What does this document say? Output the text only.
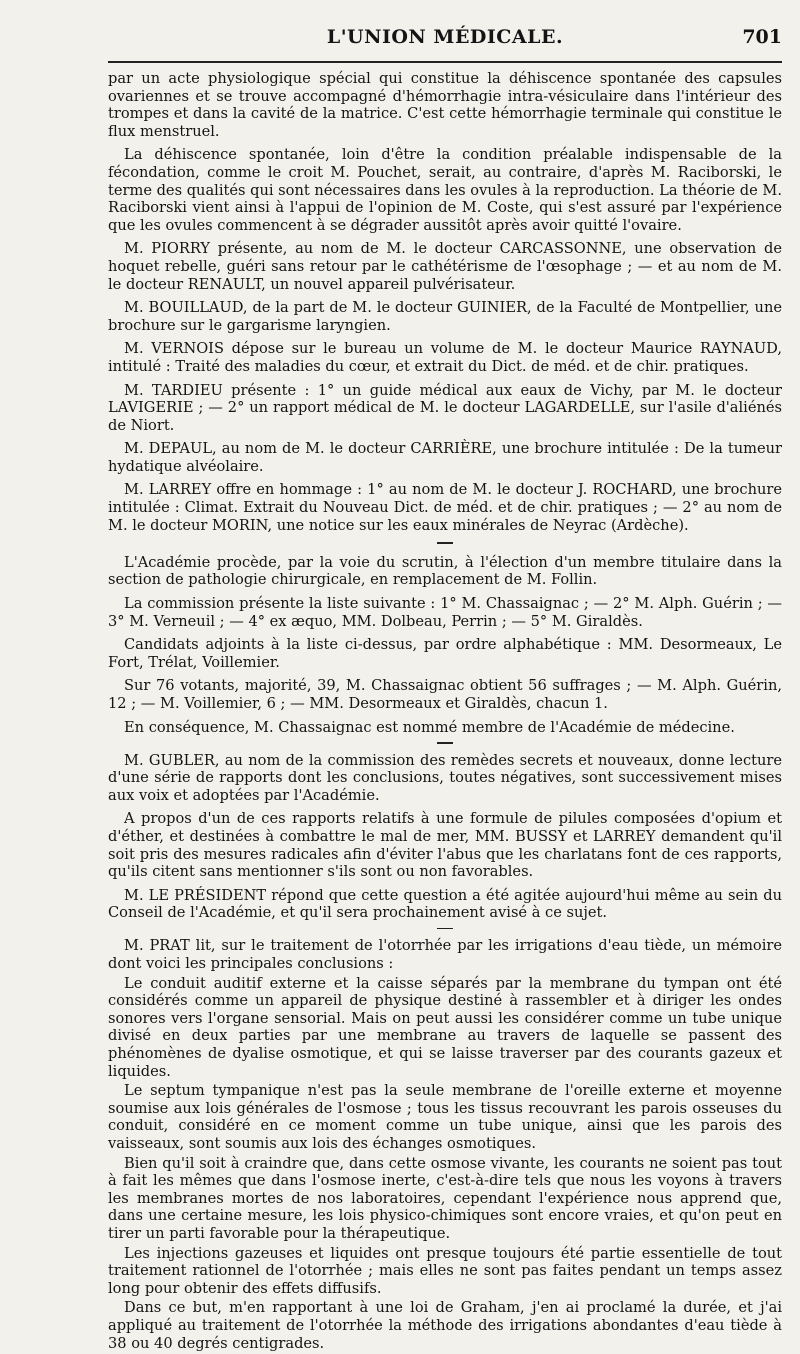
L'UNION MÉDICALE.	701

par un acte physiologique spécial qui constitue la déhiscence spontanée des capsules ovariennes et se trouve accompagné d'hémorrhagie intra-vésiculaire dans l'intérieur des trompes et dans la cavité de la matrice. C'est cette hémorrhagie terminale qui constitue le flux menstruel.

La déhiscence spontanée, loin d'être la condition préalable indispensable de la fécondation, comme le croit M. Pouchet, serait, au contraire, d'après M. Raciborski, le terme des qualités qui sont nécessaires dans les ovules à la reproduction. La théorie de M. Raciborski vient ainsi à l'appui de l'opinion de M. Coste, qui s'est assuré par l'expérience que les ovules commencent à se dégrader aussitôt après avoir quitté l'ovaire.

M. PIORRY présente, au nom de M. le docteur CARCASSONNE, une observation de hoquet rebelle, guéri sans retour par le cathétérisme de l'œsophage ; — et au nom de M. le docteur RENAULT, un nouvel appareil pulvérisateur.

M. BOUILLAUD, de la part de M. le docteur GUINIER, de la Faculté de Montpellier, une brochure sur le gargarisme laryngien.

M. VERNOIS dépose sur le bureau un volume de M. le docteur Maurice RAYNAUD, intitulé : Traité des maladies du cœur, et extrait du Dict. de méd. et de chir. pratiques.

M. TARDIEU présente : 1° un guide médical aux eaux de Vichy, par M. le docteur LAVIGERIE ; — 2° un rapport médical de M. le docteur LAGARDELLE, sur l'asile d'aliénés de Niort.

M. DEPAUL, au nom de M. le docteur CARRIÈRE, une brochure intitulée : De la tumeur hydatique alvéolaire.

M. LARREY offre en hommage : 1° au nom de M. le docteur J. ROCHARD, une brochure intitulée : Climat. Extrait du Nouveau Dict. de méd. et de chir. pratiques ; — 2° au nom de M. le docteur MORIN, une notice sur les eaux minérales de Neyrac (Ardèche).

L'Académie procède, par la voie du scrutin, à l'élection d'un membre titulaire dans la section de pathologie chirurgicale, en remplacement de M. Follin.

La commission présente la liste suivante : 1° M. Chassaignac ; — 2° M. Alph. Guérin ; — 3° M. Verneuil ; — 4° ex æquo, MM. Dolbeau, Perrin ; — 5° M. Giraldès.

Candidats adjoints à la liste ci-dessus, par ordre alphabétique : MM. Desormeaux, Le Fort, Trélat, Voillemier.

Sur 76 votants, majorité, 39, M. Chassaignac obtient 56 suffrages ; — M. Alph. Guérin, 12 ; — M. Voillemier, 6 ; — MM. Desormeaux et Giraldès, chacun 1.

En conséquence, M. Chassaignac est nommé membre de l'Académie de médecine.

M. GUBLER, au nom de la commission des remèdes secrets et nouveaux, donne lecture d'une série de rapports dont les conclusions, toutes négatives, sont successivement mises aux voix et adoptées par l'Académie.

A propos d'un de ces rapports relatifs à une formule de pilules composées d'opium et d'éther, et destinées à combattre le mal de mer, MM. BUSSY et LARREY demandent qu'il soit pris des mesures radicales afin d'éviter l'abus que les charlatans font de ces rapports, qu'ils citent sans mentionner s'ils sont ou non favorables.

M. LE PRÉSIDENT répond que cette question a été agitée aujourd'hui même au sein du Conseil de l'Académie, et qu'il sera prochainement avisé à ce sujet.

M. PRAT lit, sur le traitement de l'otorrhée par les irrigations d'eau tiède, un mémoire dont voici les principales conclusions :

Le conduit auditif externe et la caisse séparés par la membrane du tympan ont été considérés comme un appareil de physique destiné à rassembler et à diriger les ondes sonores vers l'organe sensorial. Mais on peut aussi les considérer comme un tube unique divisé en deux parties par une membrane au travers de laquelle se passent des phénomènes de dyalise osmotique, et qui se laisse traverser par des courants gazeux et liquides.

Le septum tympanique n'est pas la seule membrane de l'oreille externe et moyenne soumise aux lois générales de l'osmose ; tous les tissus recouvrant les parois osseuses du conduit, considéré en ce moment comme un tube unique, ainsi que les parois des vaisseaux, sont soumis aux lois des échanges osmotiques.

Bien qu'il soit à craindre que, dans cette osmose vivante, les courants ne soient pas tout à fait les mêmes que dans l'osmose inerte, c'est-à-dire tels que nous les voyons à travers les membranes mortes de nos laboratoires, cependant l'expérience nous apprend que, dans une certaine mesure, les lois physico-chimiques sont encore vraies, et qu'on peut en tirer un parti favorable pour la thérapeutique.

Les injections gazeuses et liquides ont presque toujours été partie essentielle de tout traitement rationnel de l'otorrhée ; mais elles ne sont pas faites pendant un temps assez long pour obtenir des effets diffusifs.

Dans ce but, m'en rapportant à une loi de Graham, j'en ai proclamé la durée, et j'ai appliqué au traitement de l'otorrhée la méthode des irrigations abondantes d'eau tiède à 38 ou 40 degrés centigrades.
